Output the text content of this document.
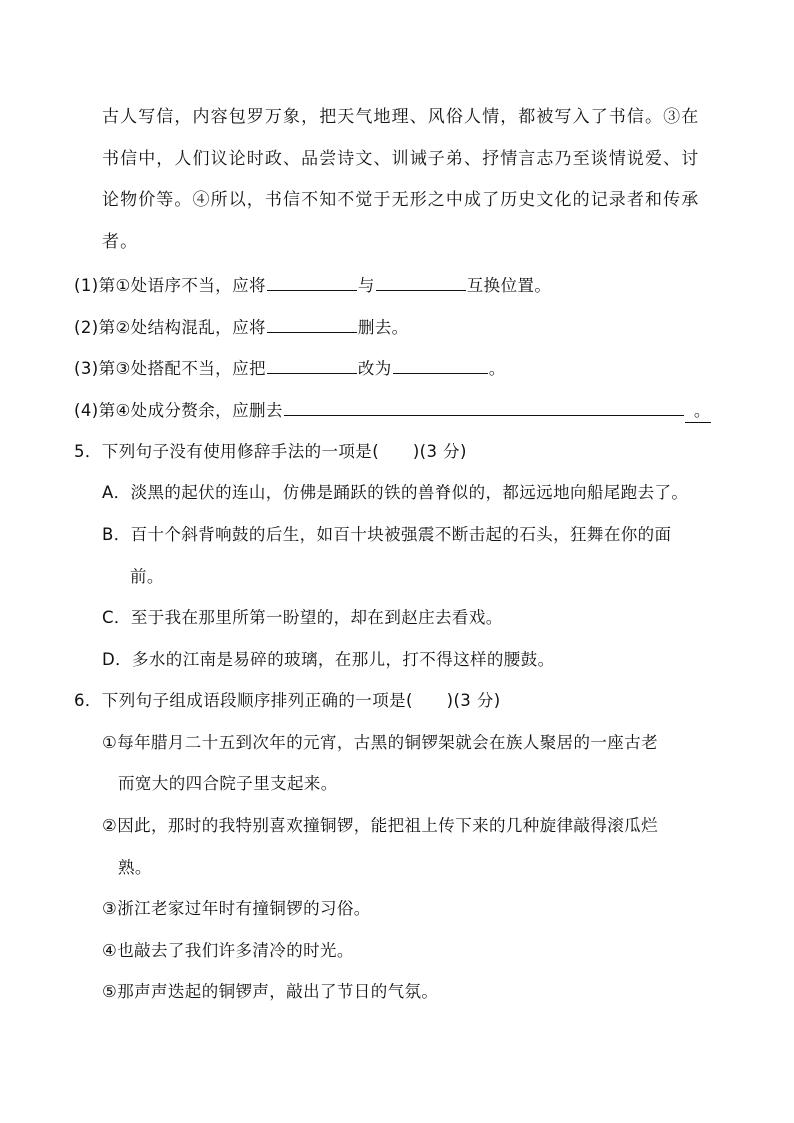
古人写信，内容包罗万象，把天气地理、风俗人情，都被写入了书信。③在
书信中，人们议论时政、品尝诗文、训诫子弟、抒情言志乃至谈情说爱、讨
论物价等。④所以，书信不知不觉于无形之中成了历史文化的记录者和传承
者。
(1)第①处语序不当，应将	与	互换位置。
(2)第②处结构混乱，应将	删去。
(3)第③处搭配不当，应把	改为	。
(4)第④处成分赘余，应删去	。
5．下列句子没有使用修辞手法的一项是(　　)(3 分)
A．淡黑的起伏的连山，仿佛是踊跃的铁的兽脊似的，都远远地向船尾跑去了。
B．百十个斜背响鼓的后生，如百十块被强震不断击起的石头，狂舞在你的面
前。
C．至于我在那里所第一盼望的，却在到赵庄去看戏。
D．多水的江南是易碎的玻璃，在那儿，打不得这样的腰鼓。
6．下列句子组成语段顺序排列正确的一项是(　　)(3 分)
①每年腊月二十五到次年的元宵，古黑的铜锣架就会在族人聚居的一座古老
而宽大的四合院子里支起来。
②因此，那时的我特别喜欢撞铜锣，能把祖上传下来的几种旋律敲得滚瓜烂
熟。
③浙江老家过年时有撞铜锣的习俗。
④也敲去了我们许多清冷的时光。
⑤那声声迭起的铜锣声，敲出了节日的气氛。
